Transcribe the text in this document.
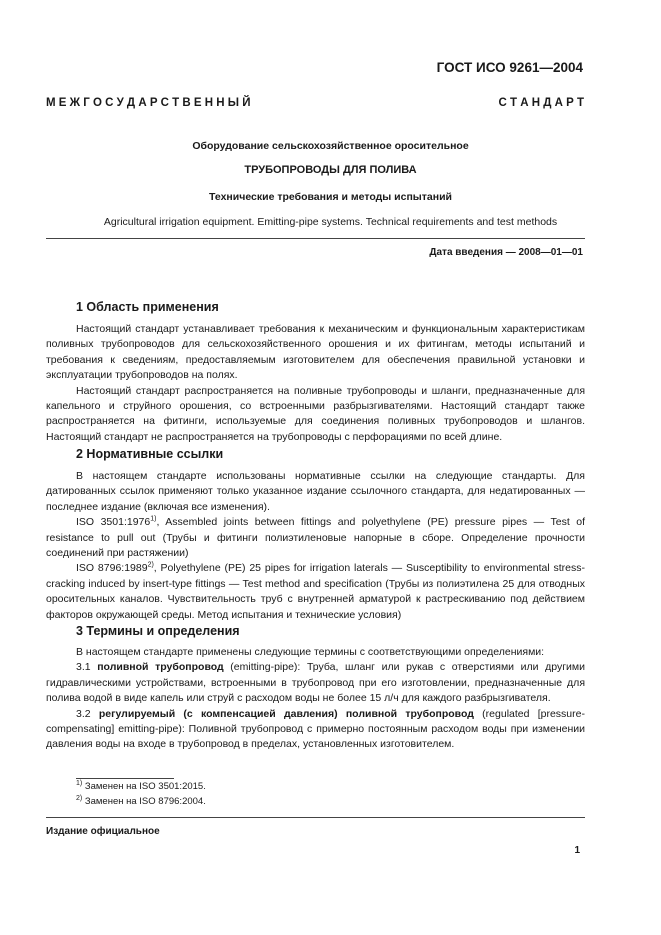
ГОСТ ИСО 9261—2004
М Е Ж Г О С У Д А Р С Т В Е Н Н Ы Й	С Т А Н Д А Р Т
Оборудование сельскохозяйственное оросительное
ТРУБОПРОВОДЫ ДЛЯ ПОЛИВА
Технические требования и методы испытаний
Agricultural irrigation equipment. Emitting-pipe systems. Technical requirements and test methods
Дата введения — 2008—01—01
1 Область применения

Настоящий стандарт устанавливает требования к механическим и функциональным характеристикам поливных трубопроводов для сельскохозяйственного орошения и их фитингам, методы испытаний и требования к сведениям, предоставляемым изготовителем для обеспечения правильной установки и эксплуатации трубопроводов на полях.

Настоящий стандарт распространяется на поливные трубопроводы и шланги, предназначенные для капельного и струйного орошения, со встроенными разбрызгивателями. Настоящий стандарт также распространяется на фитинги, используемые для соединения поливных трубопроводов и шлангов. Настоящий стандарт не распространяется на трубопроводы с перфорациями по всей длине.

2 Нормативные ссылки

В настоящем стандарте использованы нормативные ссылки на следующие стандарты. Для датированных ссылок применяют только указанное издание ссылочного стандарта, для недатированных — последнее издание (включая все изменения).

ISO 3501:1976$^{1)}$, Assembled joints between fittings and polyethylene (PE) pressure pipes — Test of resistance to pull out (Трубы и фитинги полиэтиленовые напорные в сборе. Определение прочности соединений при растяжении)

ISO 8796:1989$^{2)}$, Polyethylene (PE) 25 pipes for irrigation laterals — Susceptibility to environmental stress-cracking induced by insert-type fittings — Test method and specification (Трубы из полиэтилена 25 для отводных оросительных каналов. Чувствительность труб с внутренней арматурой к растрескиванию под действием факторов окружающей среды. Метод испытания и технические условия)

3 Термины и определения

В настоящем стандарте применены следующие термины с соответствующими определениями:

3.1 поливной трубопровод (emitting-pipe): Труба, шланг или рукав с отверстиями или другими гидравлическими устройствами, встроенными в трубопровод при его изготовлении, предназначенные для полива водой в виде капель или струй с расходом воды не более 15 л/ч для каждого разбрызгивателя.

3.2 регулируемый (с компенсацией давления) поливной трубопровод (regulated [pressure-compensating] emitting-pipe): Поливной трубопровод с примерно постоянным расходом воды при изменении давления воды на входе в трубопровод в пределах, установленных изготовителем.

$^{1)}$ Заменен на ISO 3501:2015.
$^{2)}$ Заменен на ISO 8796:2004.
Издание официальное
1
